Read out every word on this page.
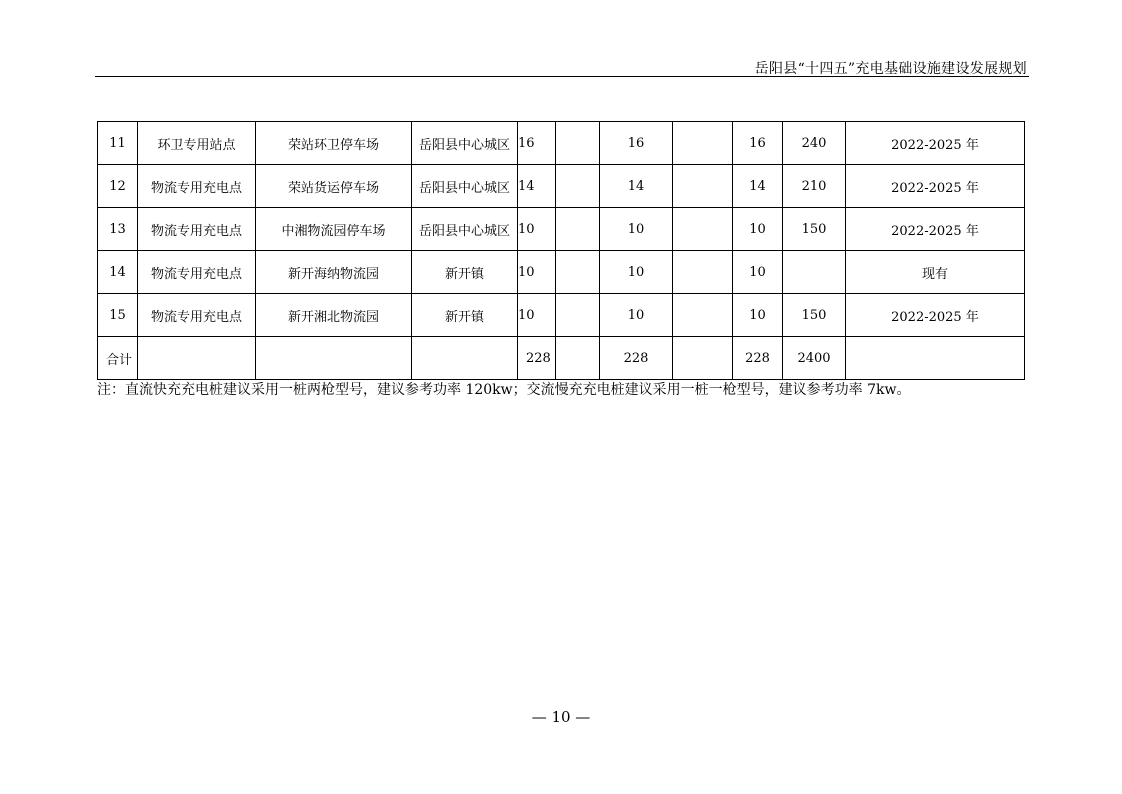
岳阳县“十四五”充电基础设施建设发展规划
11	环卫专用站点	荣站环卫停车场	岳阳县中心城区	16		16		16	240	2022-2025 年
12	物流专用充电点	荣站货运停车场	岳阳县中心城区	14		14		14	210	2022-2025 年
13	物流专用充电点	中湘物流园停车场	岳阳县中心城区	10		10		10	150	2022-2025 年
14	物流专用充电点	新开海纳物流园	新开镇	10		10		10		现有
15	物流专用充电点	新开湘北物流园	新开镇	10		10		10	150	2022-2025 年
合计				228		228		228	2400	
注：直流快充充电桩建议采用一桩两枪型号，建议参考功率 120kw；交流慢充充电桩建议采用一桩一枪型号，建议参考功率 7kw。
— 10 —
